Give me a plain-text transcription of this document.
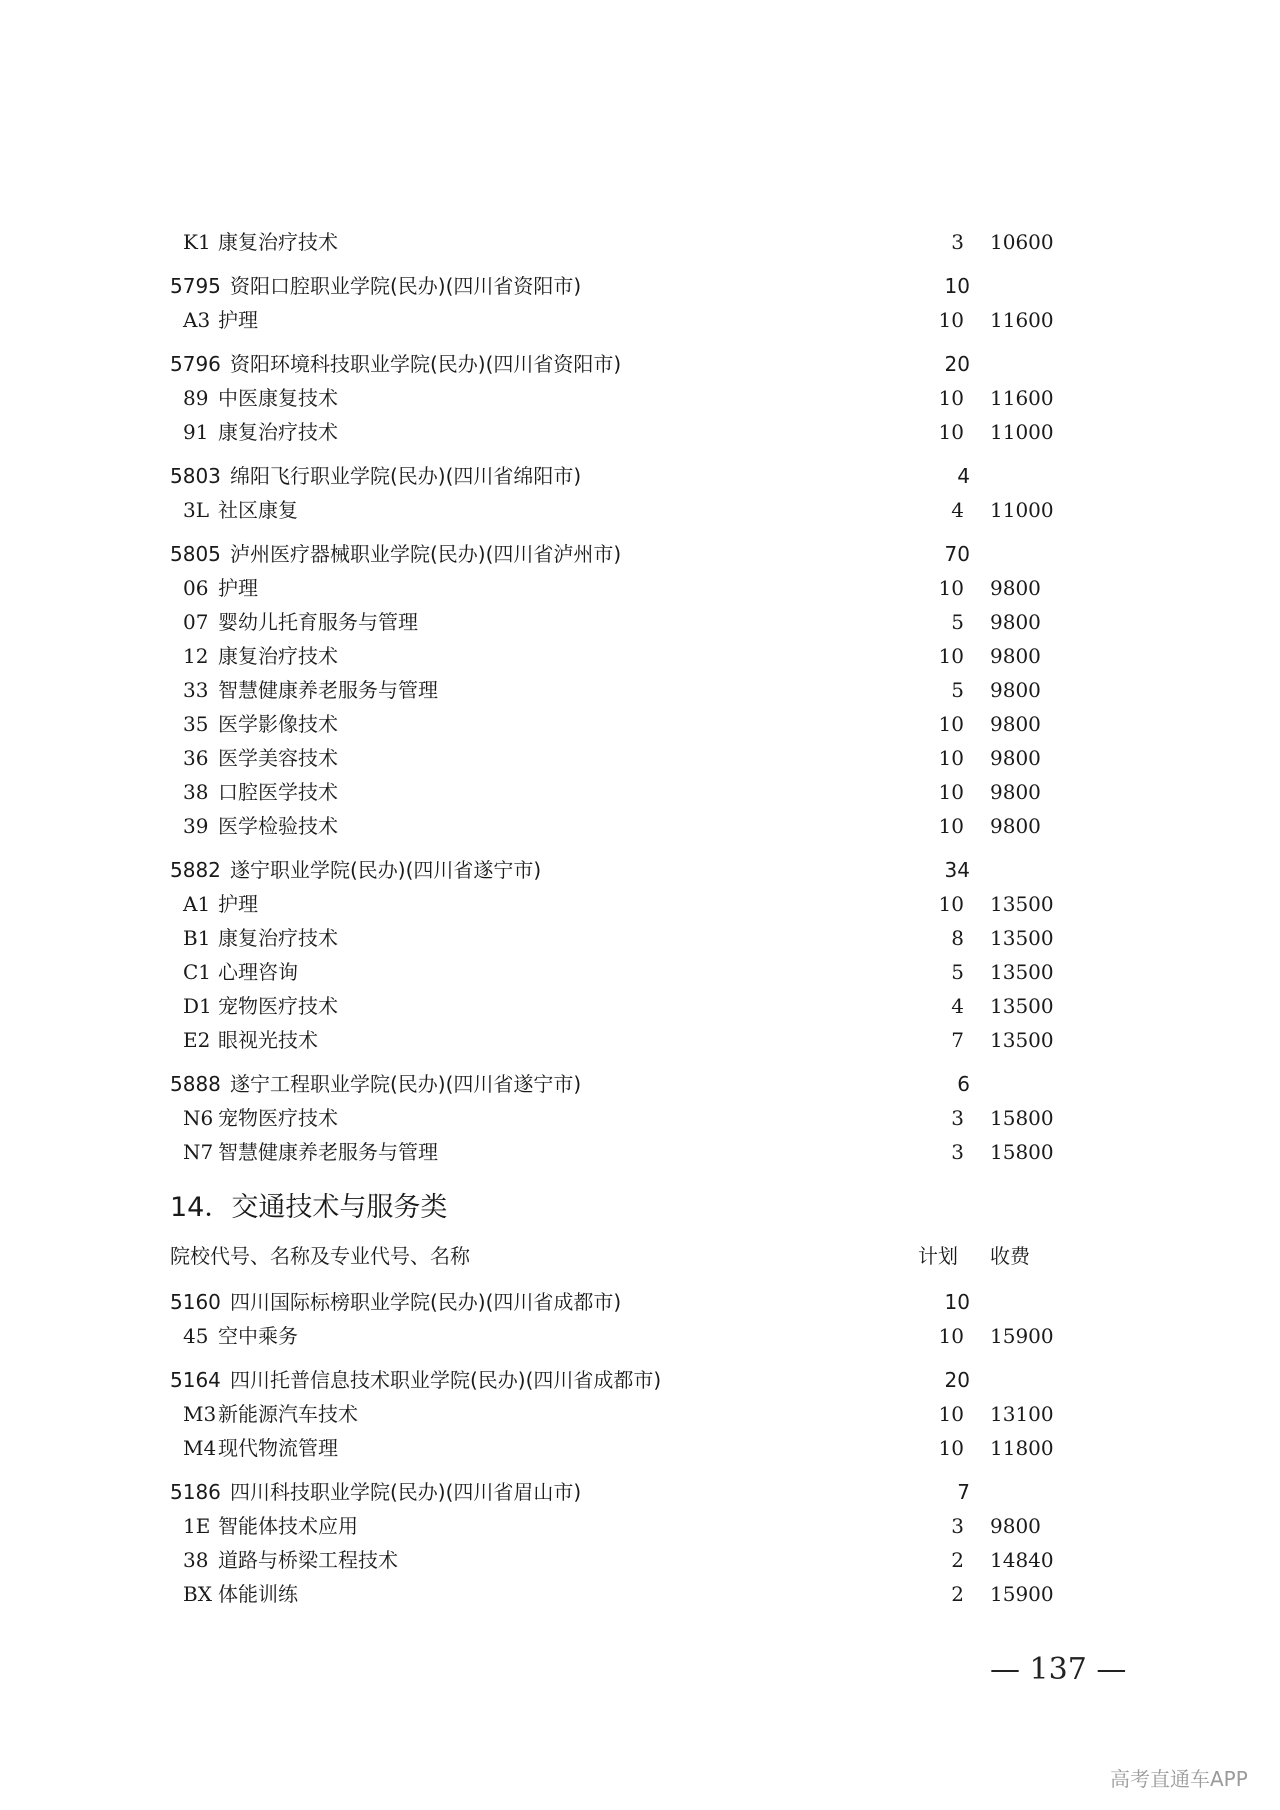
K1 康复治疗技术	3 10600
5795 资阳口腔职业学院(民办)(四川省资阳市)	10
A3 护理	10 11600
5796 资阳环境科技职业学院(民办)(四川省资阳市)	20
89 中医康复技术	10 11600
91 康复治疗技术	10 11000
5803 绵阳飞行职业学院(民办)(四川省绵阳市)	4
3L 社区康复	4 11000
5805 泸州医疗器械职业学院(民办)(四川省泸州市)	70
06 护理	10 9800
07 婴幼儿托育服务与管理	5 9800
12 康复治疗技术	10 9800
33 智慧健康养老服务与管理	5 9800
35 医学影像技术	10 9800
36 医学美容技术	10 9800
38 口腔医学技术	10 9800
39 医学检验技术	10 9800
5882 遂宁职业学院(民办)(四川省遂宁市)	34
A1 护理	10 13500
B1 康复治疗技术	8 13500
C1 心理咨询	5 13500
D1 宠物医疗技术	4 13500
E2 眼视光技术	7 13500
5888 遂宁工程职业学院(民办)(四川省遂宁市)	6
N6 宠物医疗技术	3 15800
N7 智慧健康养老服务与管理	3 15800
14．交通技术与服务类
院校代号、名称及专业代号、名称	计划 收费
5160 四川国际标榜职业学院(民办)(四川省成都市)	10
45 空中乘务	10 15900
5164 四川托普信息技术职业学院(民办)(四川省成都市)	20
M3 新能源汽车技术	10 13100
M4 现代物流管理	10 11800
5186 四川科技职业学院(民办)(四川省眉山市)	7
1E 智能体技术应用	3 9800
38 道路与桥梁工程技术	2 14840
BX 体能训练	2 15900
— 137 —
高考直通车APP
